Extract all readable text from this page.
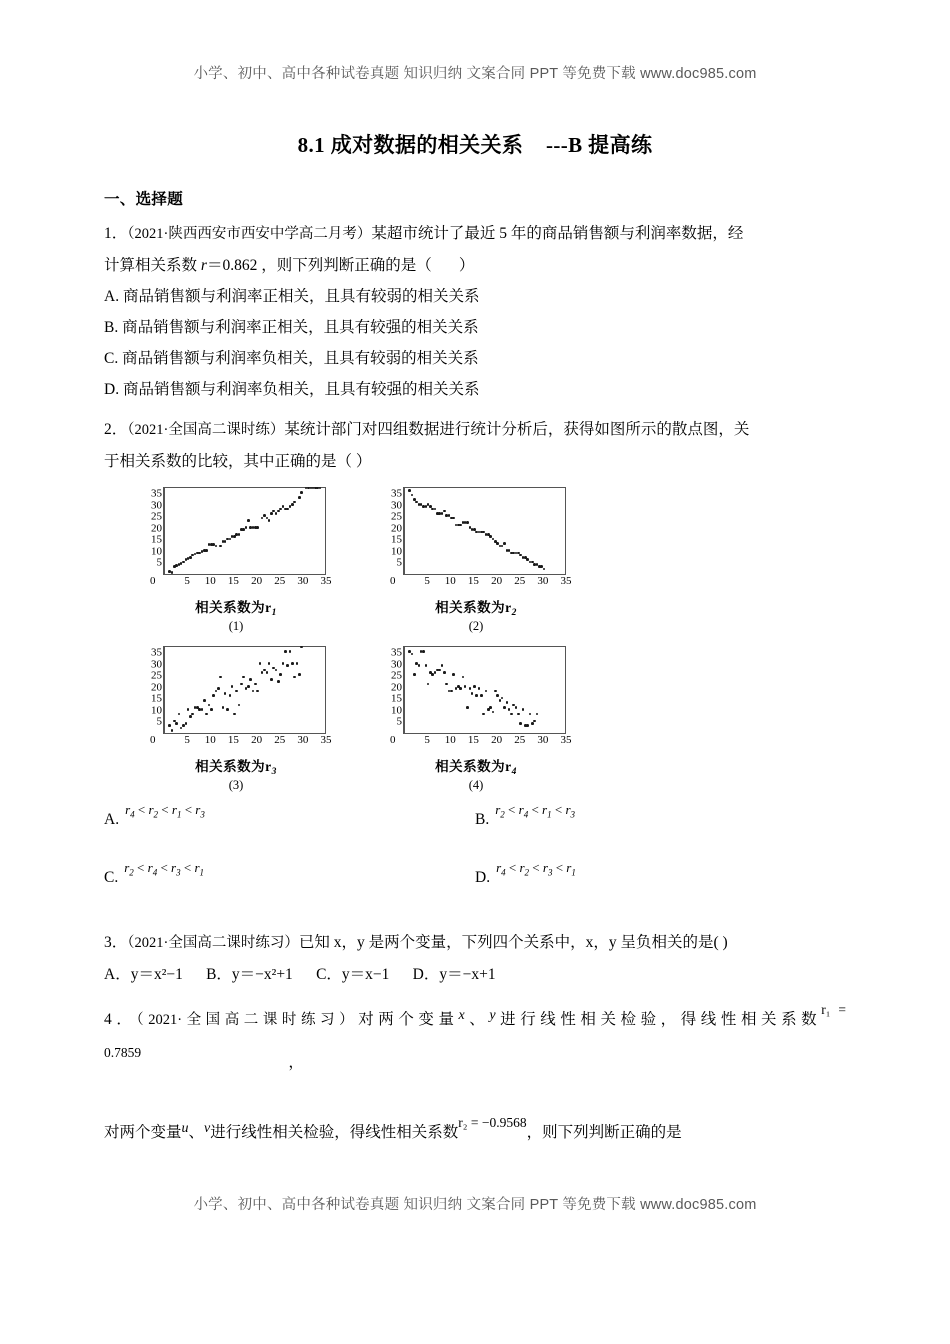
小学、初中、高中各种试卷真题 知识归纳 文案合同 PPT 等免费下载 www.doc985.com
8.1 成对数据的相关关系 ---B 提高练
一、选择题
1．（2021·陕西西安市西安中学高二月考）某超市统计了最近 5 年的商品销售额与利润率数据，经
计算相关系数 r＝0.862 ，则下列判断正确的是（ ）
A. 商品销售额与利润率正相关，且具有较弱的相关关系
B. 商品销售额与利润率正相关，且具有较强的相关关系
C. 商品销售额与利润率负相关，且具有较弱的相关关系
D. 商品销售额与利润率负相关，且具有较强的相关关系
2．（2021·全国高二课时练）某统计部门对四组数据进行统计分析后，获得如图所示的散点图，关
于相关系数的比较，其中正确的是（ ）
5
10
15
20
25
30
35
5 10 15 20 25 30 35
0
相关系数为$r_1$
(1)
5
10
15
20
25
30
35
5 10 15 20 25 30 35
0
相关系数为$r_2$
(2)
5
10
15
20
25
30
35
5 10 15 20 25 30 35
0
相关系数为$r_3$
(3)
5
10
15
20
25
30
35
5 10 15 20 25 30 35
0
相关系数为$r_4$
(4)
A.
$r_4 < r_2 < r_1 < r_3$	B.
$r_2 < r_4 < r_1 < r_3$
C.
$r_2 < r_4 < r_3 < r_1$	D.
$r_4 < r_2 < r_3 < r_1$
3．（2021·全国高二课时练习）已知 x，y 是两个变量，下列四个关系中，x，y 呈负相关的是( )
A．y＝x²−1 B．y＝−x²+1 C．y＝x−1 D．y＝−x+1
4．（2021·全国高二课时练习）对两个变量x、y进行线性相关检验，得线性相关系数r₁ = 0.7859                                      ，
对两个变量u、v进行线性相关检验，得线性相关系数r₂ = −0.9568，则下列判断正确的是
小学、初中、高中各种试卷真题 知识归纳 文案合同 PPT 等免费下载 www.doc985.com
